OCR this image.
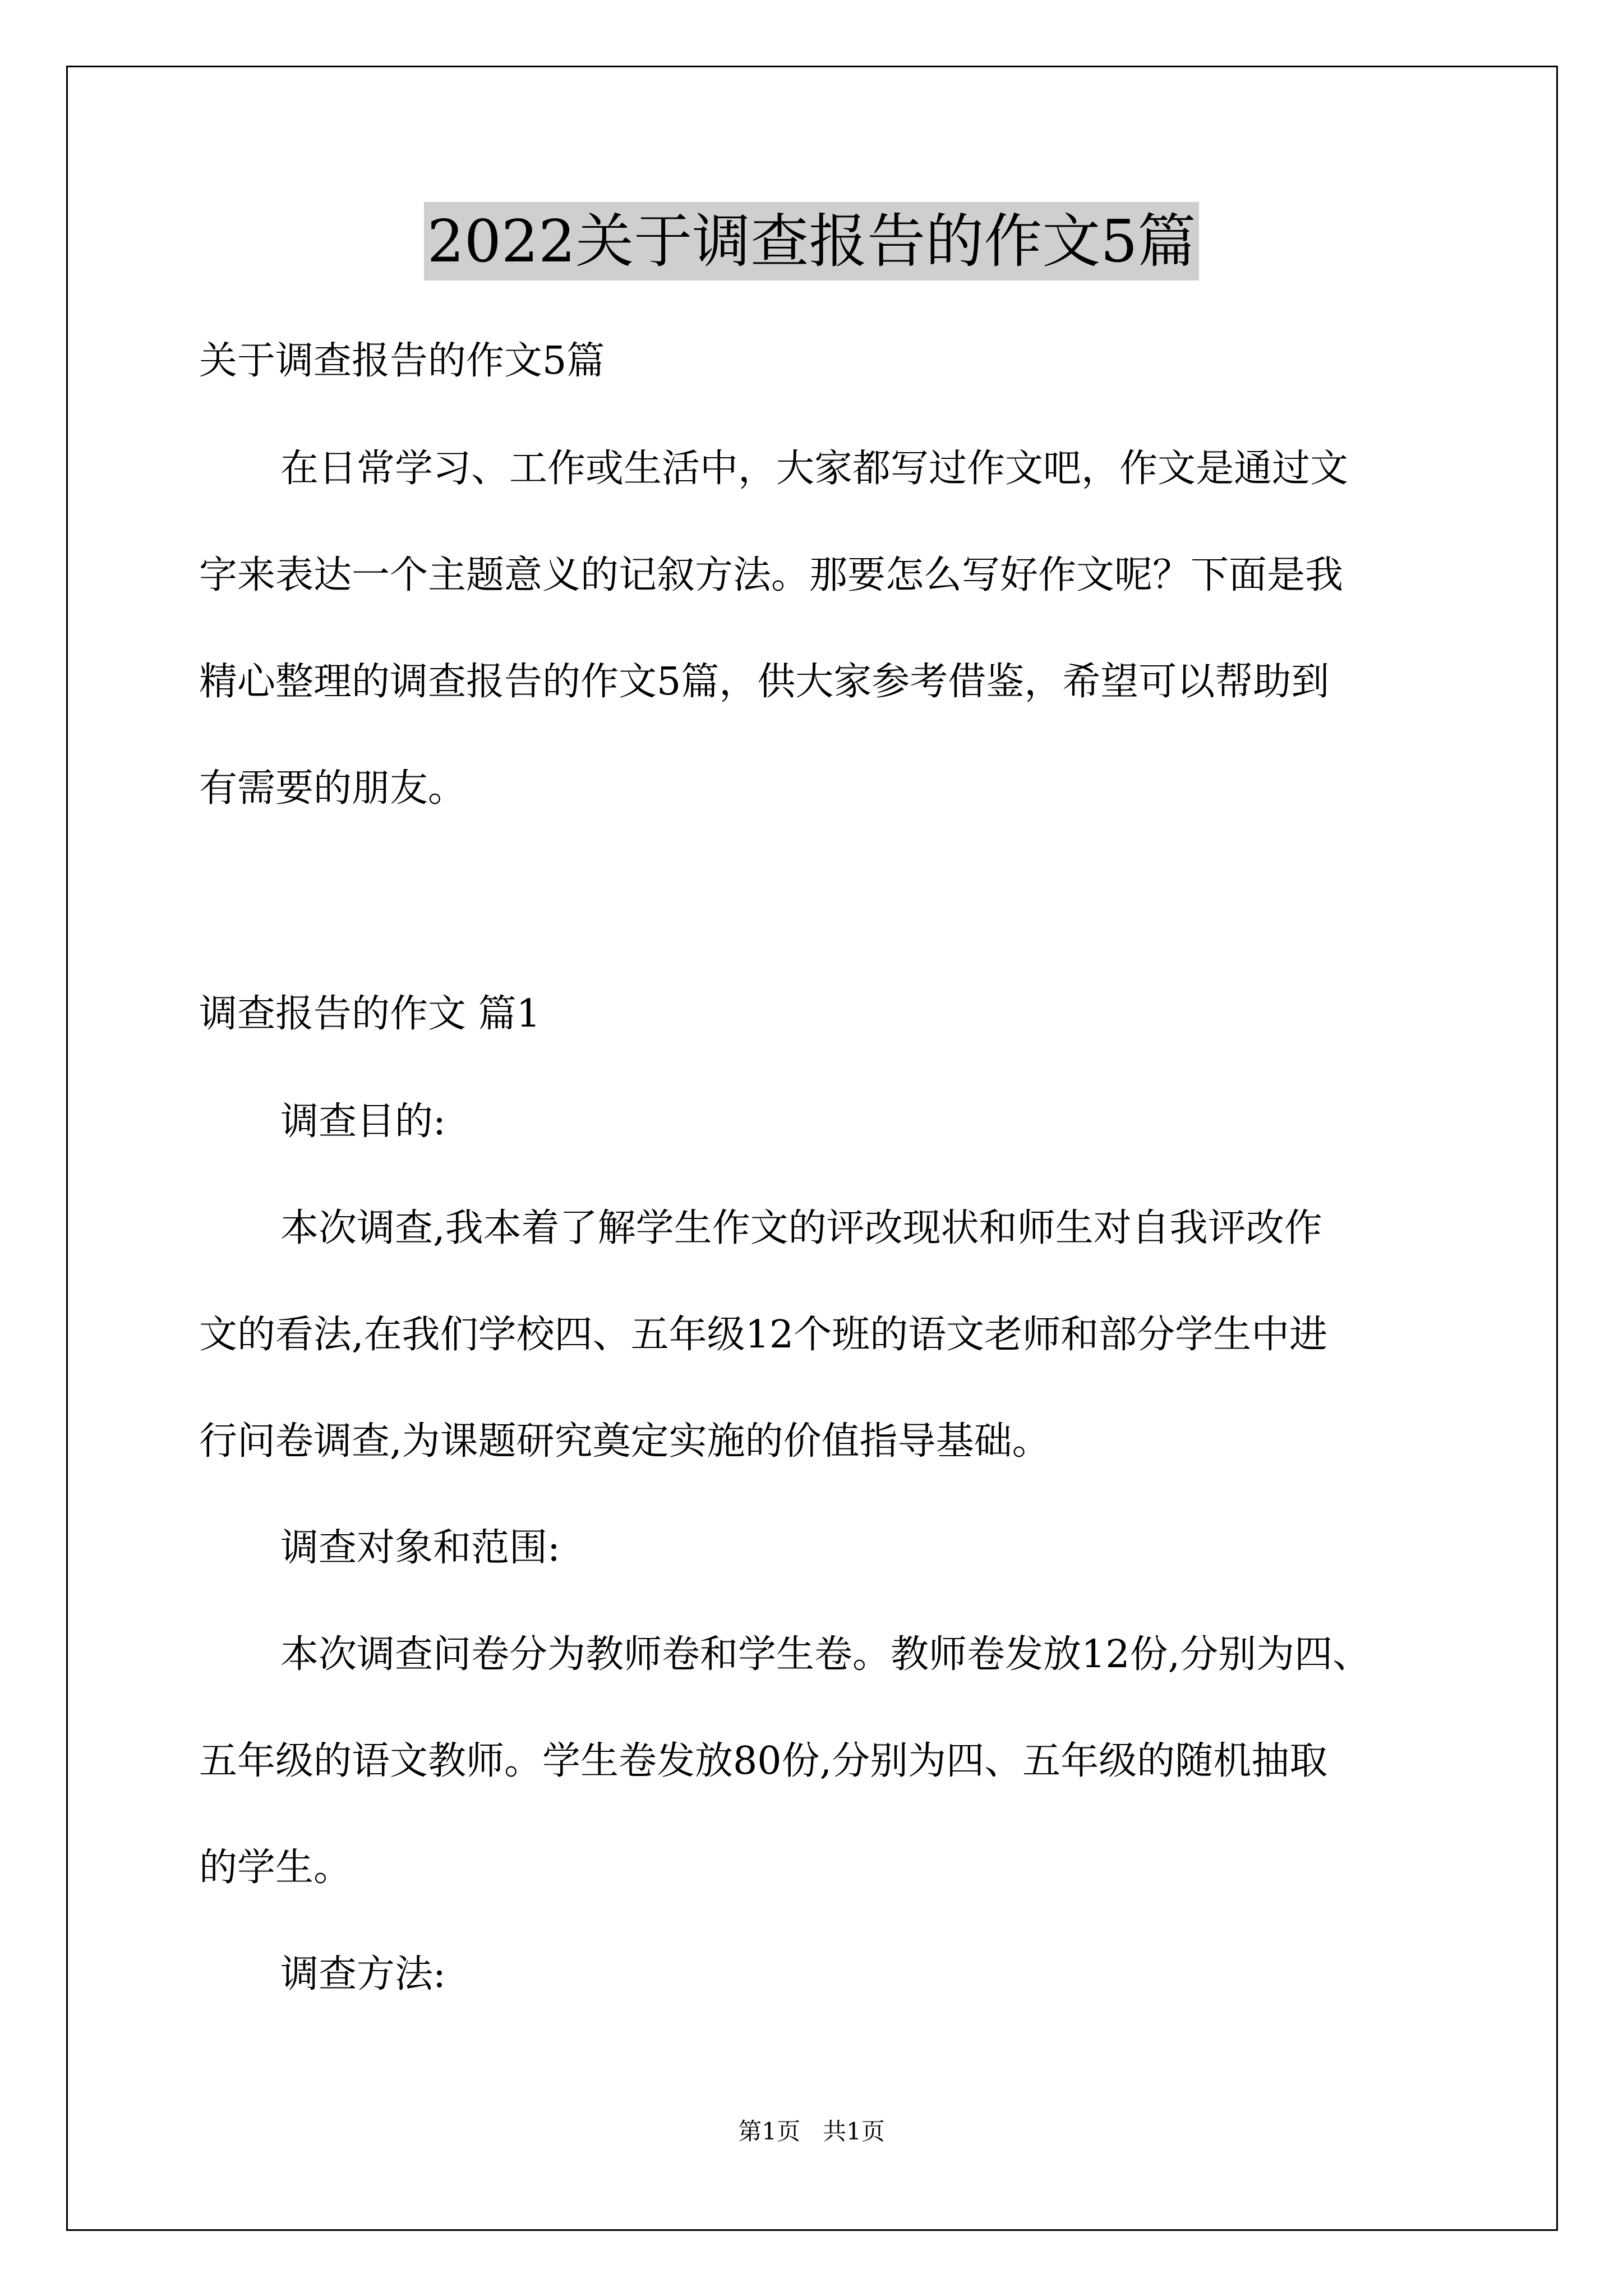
2022关于调查报告的作文5篇
关于调查报告的作文5篇
在日常学习、工作或生活中，大家都写过作文吧，作文是通过文
字来表达一个主题意义的记叙方法。那要怎么写好作文呢？下面是我
精心整理的调查报告的作文5篇，供大家参考借鉴，希望可以帮助到
有需要的朋友。
调查报告的作文 篇1
调查目的:
本次调查,我本着了解学生作文的评改现状和师生对自我评改作
文的看法,在我们学校四、五年级12个班的语文老师和部分学生中进
行问卷调查,为课题研究奠定实施的价值指导基础。
调查对象和范围:
本次调查问卷分为教师卷和学生卷。教师卷发放12份,分别为四、
五年级的语文教师。学生卷发放80份,分别为四、五年级的随机抽取
的学生。
调查方法:
第1页   共1页
